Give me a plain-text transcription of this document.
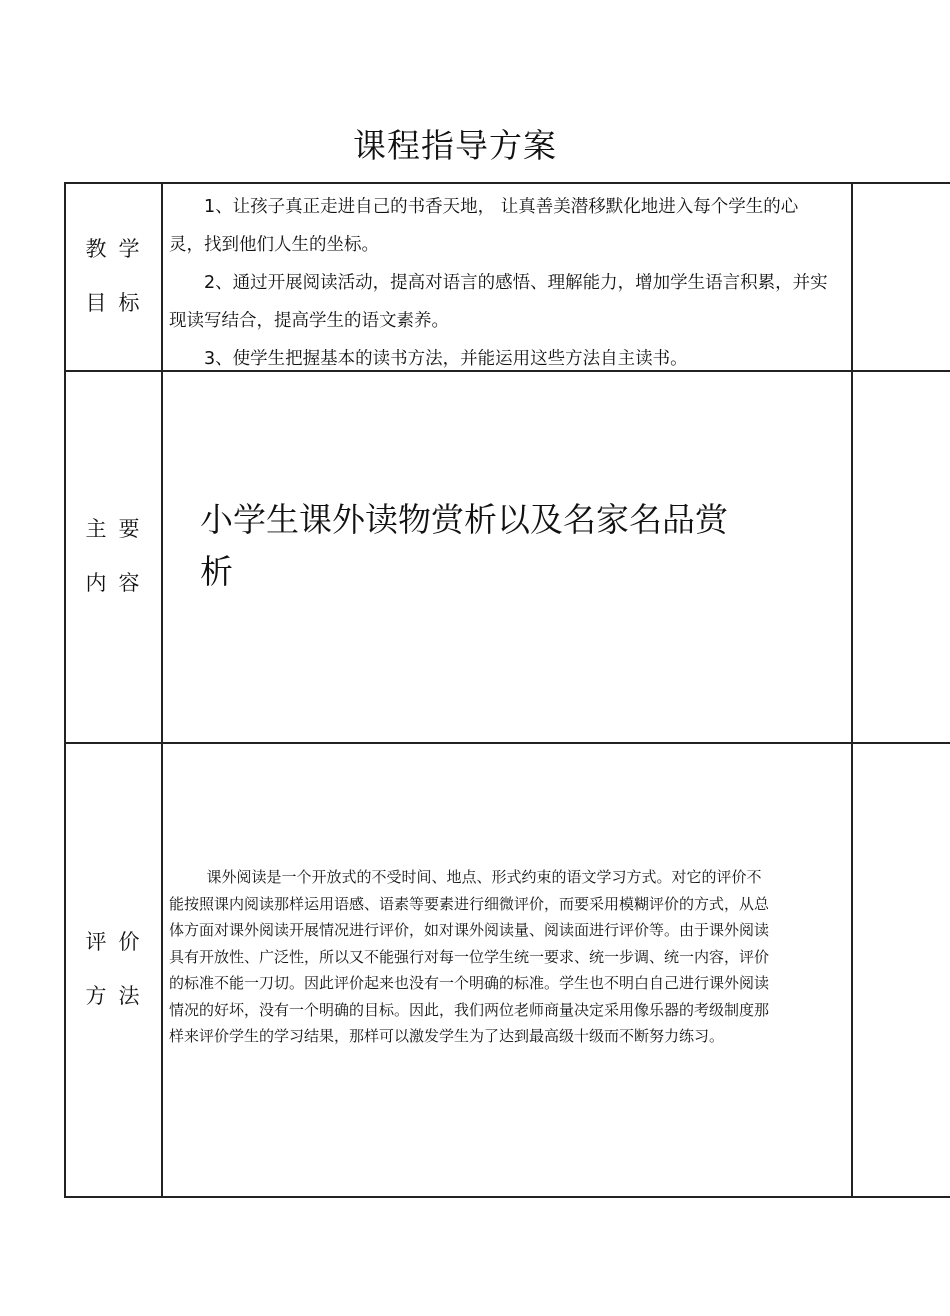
课程指导方案
教学
目标

1、让孩子真正走进自己的书香天地， 让真善美潜移默化地进入每个学生的心灵，找到他们人生的坐标。

2、通过开展阅读活动，提高对语言的感悟、理解能力，增加学生语言积累，并实现读写结合，提高学生的语文素养。

3、使学生把握基本的读书方法，并能运用这些方法自主读书。

主要
内容
小学生课外读物赏析以及名家名品赏析
评价
方法
课外阅读是一个开放式的不受时间、地点、形式约束的语文学习方式。对它的评价不能按照课内阅读那样运用语感、语素等要素进行细微评价，而要采用模糊评价的方式，从总体方面对课外阅读开展情况进行评价，如对课外阅读量、阅读面进行评价等。由于课外阅读具有开放性、广泛性，所以又不能强行对每一位学生统一要求、统一步调、统一内容，评价的标准不能一刀切。因此评价起来也没有一个明确的标准。学生也不明白自己进行课外阅读情况的好坏，没有一个明确的目标。因此，我们两位老师商量决定采用像乐器的考级制度那样来评价学生的学习结果，那样可以激发学生为了达到最高级十级而不断努力练习。
